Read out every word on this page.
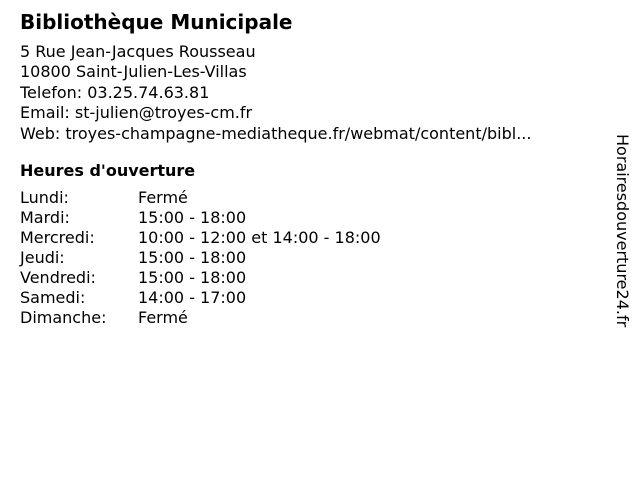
Bibliothèque Municipale
5 Rue Jean-Jacques Rousseau
10800 Saint-Julien-Les-Villas
Telefon: 03.25.74.63.81
Email: st-julien@troyes-cm.fr
Web: troyes-champagne-mediatheque.fr/webmat/content/bibl...
Heures d'ouverture
Lundi:	Fermé
Mardi:	15:00 - 18:00
Mercredi:	10:00 - 12:00 et 14:00 - 18:00
Jeudi:	15:00 - 18:00
Vendredi:	15:00 - 18:00
Samedi:	14:00 - 17:00
Dimanche:	Fermé	Horairesdouverture24.fr
